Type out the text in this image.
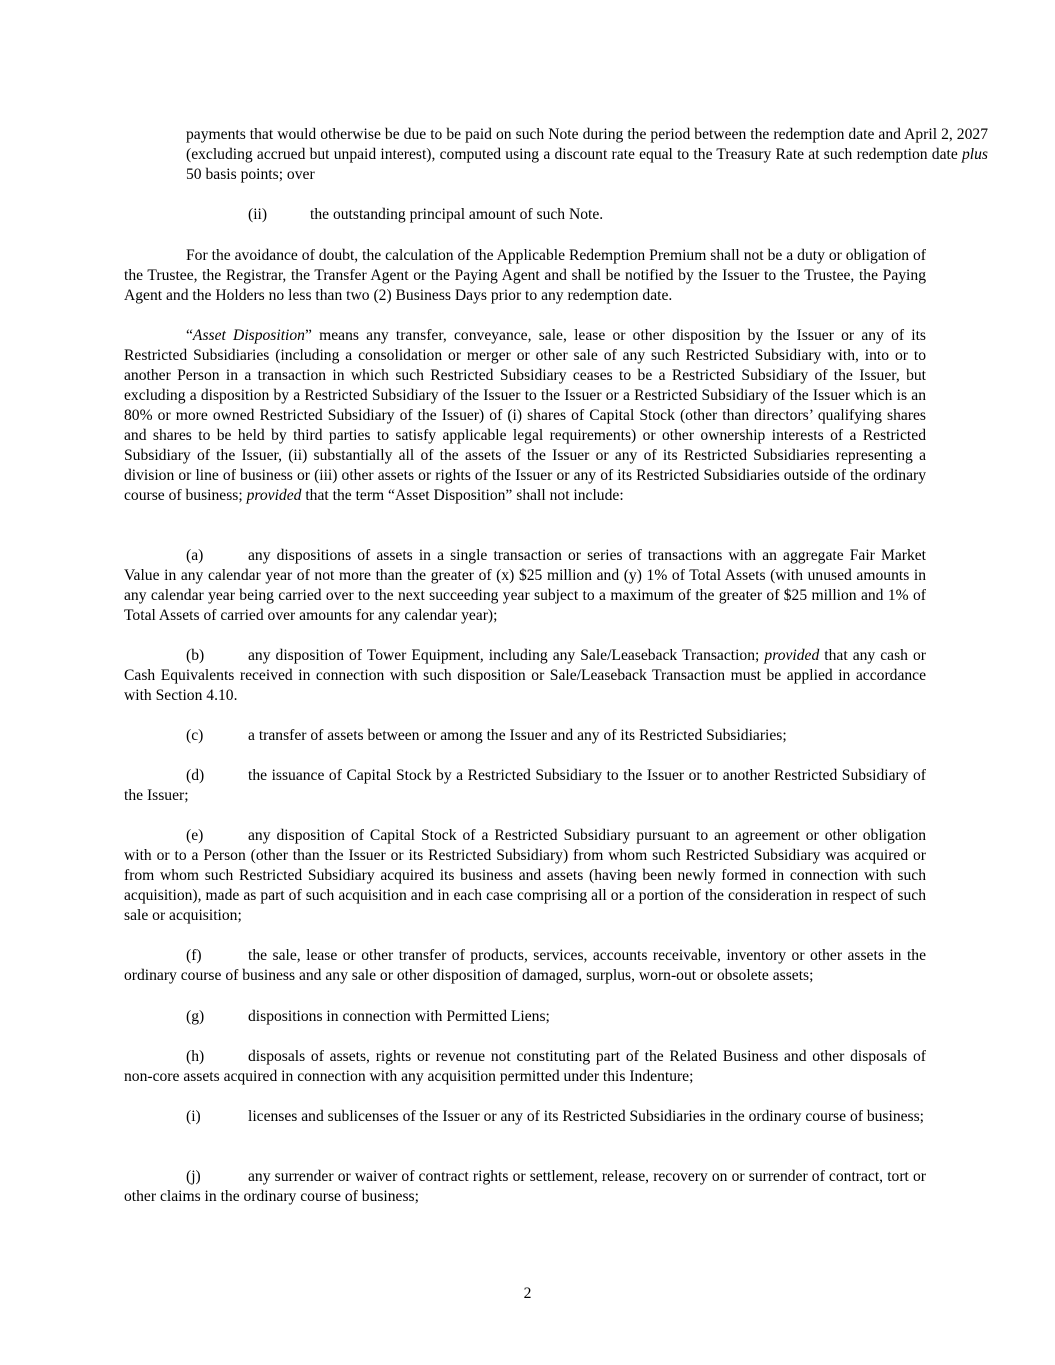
payments that would otherwise be due to be paid on such Note during the period between the redemption date and April 2, 2027 (excluding accrued but unpaid interest), computed using a discount rate equal to the Treasury Rate at such redemption date plus 50 basis points; over

(ii)	the outstanding principal amount of such Note.

For the avoidance of doubt, the calculation of the Applicable Redemption Premium shall not be a duty or obligation of the Trustee, the Registrar, the Transfer Agent or the Paying Agent and shall be notified by the Issuer to the Trustee, the Paying Agent and the Holders no less than two (2) Business Days prior to any redemption date.

“Asset Disposition” means any transfer, conveyance, sale, lease or other disposition by the Issuer or any of its Restricted Subsidiaries (including a consolidation or merger or other sale of any such Restricted Subsidiary with, into or to another Person in a transaction in which such Restricted Subsidiary ceases to be a Restricted Subsidiary of the Issuer, but excluding a disposition by a Restricted Subsidiary of the Issuer to the Issuer or a Restricted Subsidiary of the Issuer which is an 80% or more owned Restricted Subsidiary of the Issuer) of (i) shares of Capital Stock (other than directors’ qualifying shares and shares to be held by third parties to satisfy applicable legal requirements) or other ownership interests of a Restricted Subsidiary of the Issuer, (ii) substantially all of the assets of the Issuer or any of its Restricted Subsidiaries representing a division or line of business or (iii) other assets or rights of the Issuer or any of its Restricted Subsidiaries outside of the ordinary course of business; provided that the term “Asset Disposition” shall not include:

(a)	any dispositions of assets in a single transaction or series of transactions with an aggregate Fair Market Value in any calendar year of not more than the greater of (x) $25 million and (y) 1% of Total Assets (with unused amounts in any calendar year being carried over to the next succeeding year subject to a maximum of the greater of $25 million and 1% of Total Assets of carried over amounts for any calendar year);

(b)	any disposition of Tower Equipment, including any Sale/Leaseback Transaction; provided that any cash or Cash Equivalents received in connection with such disposition or Sale/Leaseback Transaction must be applied in accordance with Section 4.10.

(c)	a transfer of assets between or among the Issuer and any of its Restricted Subsidiaries;

(d)	the issuance of Capital Stock by a Restricted Subsidiary to the Issuer or to another Restricted Subsidiary of the Issuer;

(e)	any disposition of Capital Stock of a Restricted Subsidiary pursuant to an agreement or other obligation with or to a Person (other than the Issuer or its Restricted Subsidiary) from whom such Restricted Subsidiary was acquired or from whom such Restricted Subsidiary acquired its business and assets (having been newly formed in connection with such acquisition), made as part of such acquisition and in each case comprising all or a portion of the consideration in respect of such sale or acquisition;

(f)	the sale, lease or other transfer of products, services, accounts receivable, inventory or other assets in the ordinary course of business and any sale or other disposition of damaged, surplus, worn-out or obsolete assets;

(g)	dispositions in connection with Permitted Liens;

(h)	disposals of assets, rights or revenue not constituting part of the Related Business and other disposals of non-core assets acquired in connection with any acquisition permitted under this Indenture;

(i)	licenses and sublicenses of the Issuer or any of its Restricted Subsidiaries in the ordinary course of business;

(j)	any surrender or waiver of contract rights or settlement, release, recovery on or surrender of contract, tort or other claims in the ordinary course of business;

2
